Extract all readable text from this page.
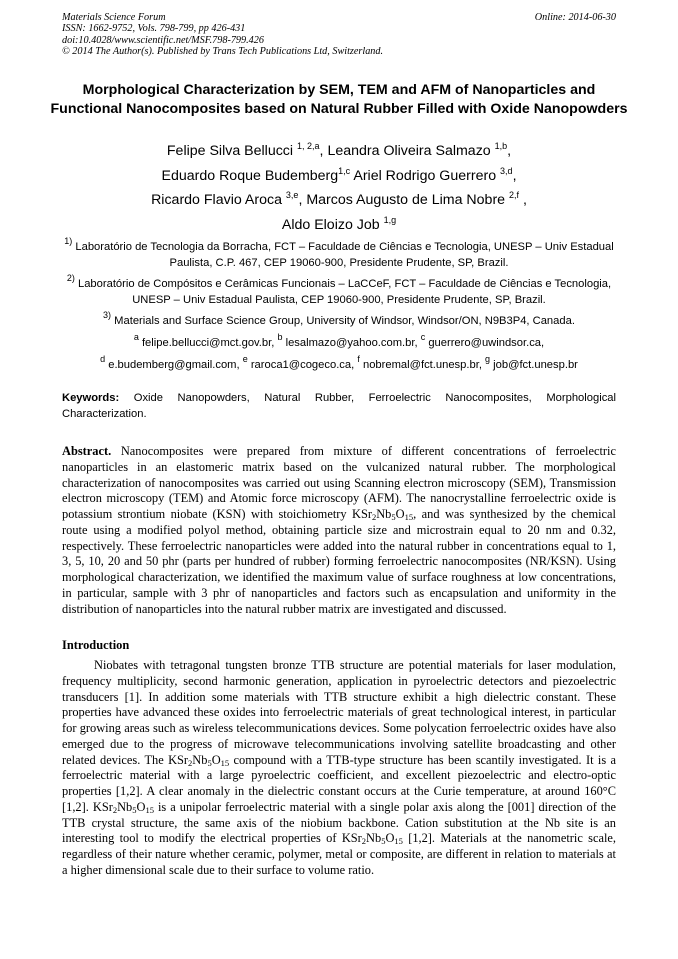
Materials Science Forum
ISSN: 1662-9752, Vols. 798-799, pp 426-431
doi:10.4028/www.scientific.net/MSF.798-799.426
© 2014 The Author(s). Published by Trans Tech Publications Ltd, Switzerland.
Online: 2014-06-30
Morphological Characterization by SEM, TEM and AFM of Nanoparticles and Functional Nanocomposites based on Natural Rubber Filled with Oxide Nanopowders
Felipe Silva Bellucci $^{1, 2,a}$, Leandra Oliveira Salmazo $^{1,b}$,
Eduardo Roque Budemberg$^{1,c}$ Ariel Rodrigo Guerrero $^{3,d}$,
Ricardo Flavio Aroca $^{3,e}$, Marcos Augusto de Lima Nobre $^{2,f}$ ,
Aldo Eloizo Job $^{1,g}$
$^{1)}$ Laboratório de Tecnologia da Borracha, FCT – Faculdade de Ciências e Tecnologia, UNESP – Univ Estadual Paulista, C.P. 467, CEP 19060-900, Presidente Prudente, SP, Brazil.
$^{2)}$ Laboratório de Compósitos e Cerâmicas Funcionais – LaCCeF, FCT – Faculdade de Ciências e Tecnologia, UNESP – Univ Estadual Paulista, CEP 19060-900, Presidente Prudente, SP, Brazil.
$^{3)}$ Materials and Surface Science Group, University of Windsor, Windsor/ON, N9B3P4, Canada.
$^a$ felipe.bellucci@mct.gov.br, $^b$ lesalmazo@yahoo.com.br, $^c$ guerrero@uwindsor.ca,
$^d$ e.budemberg@gmail.com, $^e$ raroca1@cogeco.ca, $^f$ nobremal@fct.unesp.br, $^g$ job@fct.unesp.br
Keywords: Oxide Nanopowders, Natural Rubber, Ferroelectric Nanocomposites, Morphological Characterization.
Abstract. Nanocomposites were prepared from mixture of different concentrations of ferroelectric nanoparticles in an elastomeric matrix based on the vulcanized natural rubber. The morphological characterization of nanocomposites was carried out using Scanning electron microscopy (SEM), Transmission electron microscopy (TEM) and Atomic force microscopy (AFM). The nanocrystalline ferroelectric oxide is potassium strontium niobate (KSN) with stoichiometry $KSr_2Nb_5O_{15}$, and was synthesized by the chemical route using a modified polyol method, obtaining particle size and microstrain equal to 20 nm and 0.32, respectively. These ferroelectric nanoparticles were added into the natural rubber in concentrations equal to 1, 3, 5, 10, 20 and 50 phr (parts per hundred of rubber) forming ferroelectric nanocomposites (NR/KSN). Using morphological characterization, we identified the maximum value of surface roughness at low concentrations, in particular, sample with 3 phr of nanoparticles and factors such as encapsulation and uniformity in the distribution of nanoparticles into the natural rubber matrix are investigated and discussed.
Introduction
Niobates with tetragonal tungsten bronze TTB structure are potential materials for laser modulation, frequency multiplicity, second harmonic generation, application in pyroelectric detectors and piezoelectric transducers [1]. In addition some materials with TTB structure exhibit a high dielectric constant. These properties have advanced these oxides into ferroelectric materials of great technological interest, in particular for growing areas such as wireless telecommunications devices. Some polycation ferroelectric oxides have also emerged due to the progress of microwave telecommunications involving satellite broadcasting and other related devices. The $KSr_2Nb_5O_{15}$ compound with a TTB-type structure has been scantily investigated. It is a ferroelectric material with a large pyroelectric coefficient, and excellent piezoelectric and electro-optic properties [1,2]. A clear anomaly in the dielectric constant occurs at the Curie temperature, at around 160°C [1,2]. $KSr_2Nb_5O_{15}$ is a unipolar ferroelectric material with a single polar axis along the [001] direction of the TTB crystal structure, the same axis of the niobium backbone. Cation substitution at the Nb site is an interesting tool to modify the electrical properties of $KSr_2Nb_5O_{15}$ [1,2]. Materials at the nanometric scale, regardless of their nature whether ceramic, polymer, metal or composite, are different in relation to materials at a higher dimensional scale due to their surface to volume ratio.
